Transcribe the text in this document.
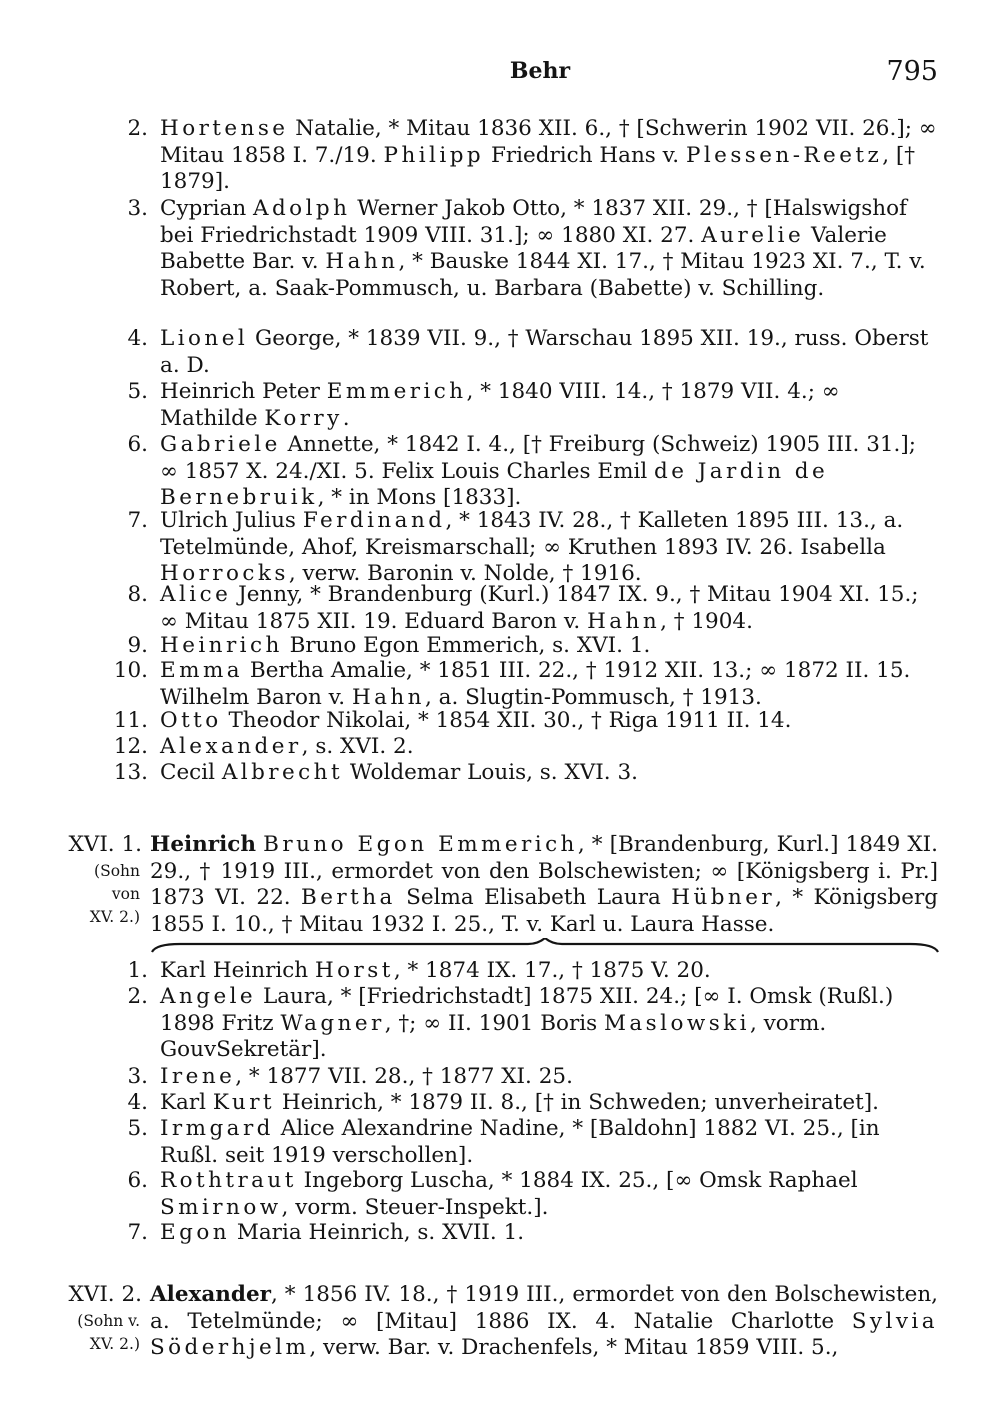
Behr	795
2. Hortense Natalie, * Mitau 1836 XII. 6., † [Schwerin 1902 VII. 26.]; ∞ Mitau 1858 I. 7./19. Philipp Friedrich Hans v. Plessen-Reetz, [† 1879].
3. Cyprian Adolph Werner Jakob Otto, * 1837 XII. 29., † [Halswigshof bei Friedrichstadt 1909 VIII. 31.]; ∞ 1880 XI. 27. Aurelie Valerie Babette Bar. v. Hahn, * Bauske 1844 XI. 17., † Mitau 1923 XI. 7., T. v. Robert, a. Saak-Pommusch, u. Barbara (Babette) v. Schilling.
4. Lionel George, * 1839 VII. 9., † Warschau 1895 XII. 19., russ. Oberst a. D.
5. Heinrich Peter Emmerich, * 1840 VIII. 14., † 1879 VII. 4.; ∞ Mathilde Korry.
6. Gabriele Annette, * 1842 I. 4., [† Freiburg (Schweiz) 1905 III. 31.]; ∞ 1857 X. 24./XI. 5. Felix Louis Charles Emil de Jardin de Bernebruik, * in Mons [1833].
7. Ulrich Julius Ferdinand, * 1843 IV. 28., † Kalleten 1895 III. 13., a. Tetelmünde, Ahof, Kreismarschall; ∞ Kruthen 1893 IV. 26. Isabella Horrocks, verw. Baronin v. Nolde, † 1916.
8. Alice Jenny, * Brandenburg (Kurl.) 1847 IX. 9., † Mitau 1904 XI. 15.; ∞ Mitau 1875 XII. 19. Eduard Baron v. Hahn, † 1904.
9. Heinrich Bruno Egon Emmerich, s. XVI. 1.
10. Emma Bertha Amalie, * 1851 III. 22., † 1912 XII. 13.; ∞ 1872 II. 15. Wilhelm Baron v. Hahn, a. Slugtin-Pommusch, † 1913.
11. Otto Theodor Nikolai, * 1854 XII. 30., † Riga 1911 II. 14.
12. Alexander, s. XVI. 2.
13. Cecil Albrecht Woldemar Louis, s. XVI. 3.
XVI. 1.
(Sohn
von
XV. 2.)
Heinrich Bruno Egon Emmerich, * [Brandenburg, Kurl.] 1849 XI. 29., † 1919 III., ermordet von den Bolschewisten; ∞ [Königsberg i. Pr.] 1873 VI. 22. Bertha Selma Elisabeth Laura Hübner, * Königsberg 1855 I. 10., † Mitau 1932 I. 25., T. v. Karl u. Laura Hasse.
1. Karl Heinrich Horst, * 1874 IX. 17., † 1875 V. 20.
2. Angele Laura, * [Friedrichstadt] 1875 XII. 24.; [∞ I. Omsk (Rußl.) 1898 Fritz Wagner, †; ∞ II. 1901 Boris Maslowski, vorm. GouvSekretär].
3. Irene, * 1877 VII. 28., † 1877 XI. 25.
4. Karl Kurt Heinrich, * 1879 II. 8., [† in Schweden; unverheiratet].
5. Irmgard Alice Alexandrine Nadine, * [Baldohn] 1882 VI. 25., [in Rußl. seit 1919 verschollen].
6. Rothtraut Ingeborg Luscha, * 1884 IX. 25., [∞ Omsk Raphael Smirnow, vorm. Steuer-Inspekt.].
7. Egon Maria Heinrich, s. XVII. 1.
XVI. 2.
(Sohn v.
XV. 2.)
Alexander, * 1856 IV. 18., † 1919 III., ermordet von den Bolschewisten, a. Tetelmünde; ∞ [Mitau] 1886 IX. 4. Natalie Charlotte Sylvia Söderhjelm, verw. Bar. v. Drachenfels, * Mitau 1859 VIII. 5.,
